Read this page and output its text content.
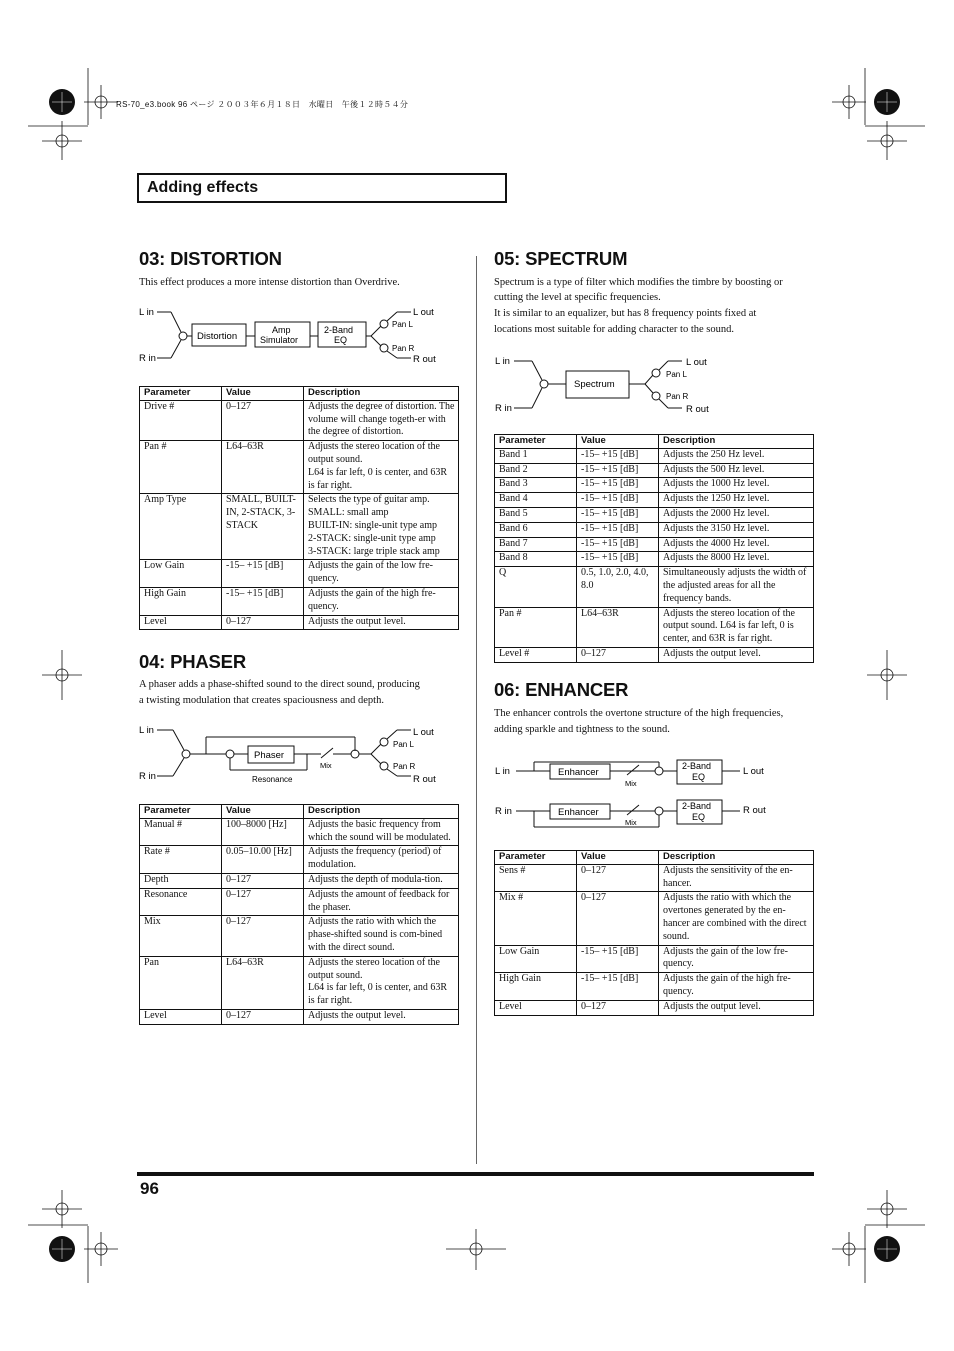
RS-70_e3.book 96 ページ ２００３年６月１８日　水曜日　午後１２時５４分
Adding effects
03: DISTORTION
This effect produces a more intense distortion than Overdrive.
L in
R in
Distortion
Amp
Simulator
2-Band
EQ
Pan L
Pan R
L out
R out
Parameter	Value	Description
Drive #	0–127	Adjusts the degree of distortion. The volume will change togeth-er with the degree of distortion.
Pan #	L64–63R	Adjusts the stereo location of the output sound.
L64 is far left, 0 is center, and 63R is far right.
Amp Type	SMALL, BUILT-IN, 2-STACK, 3-STACK	Selects the type of guitar amp.
SMALL: small amp
BUILT-IN: single-unit type amp
2-STACK: single-unit type amp
3-STACK: large triple stack amp
Low Gain	-15– +15 [dB]	Adjusts the gain of the low fre-quency.
High Gain	-15– +15 [dB]	Adjusts the gain of the high fre-quency.
Level	0–127	Adjusts the output level.
04: PHASER
A phaser adds a phase-shifted sound to the direct sound, producing
a twisting modulation that creates spaciousness and depth.
L in
R in
Phaser
Mix
Resonance
Pan L
Pan R
L out
R out
Parameter	Value	Description
Manual #	100–8000 [Hz]	Adjusts the basic frequency from which the sound will be modulated.
Rate #	0.05–10.00 [Hz]	Adjusts the frequency (period) of modulation.
Depth	0–127	Adjusts the depth of modula-tion.
Resonance	0–127	Adjusts the amount of feedback for the phaser.
Mix	0–127	Adjusts the ratio with which the phase-shifted sound is com-bined with the direct sound.
Pan	L64–63R	Adjusts the stereo location of the output sound.
L64 is far left, 0 is center, and 63R is far right.
Level	0–127	Adjusts the output level.
05: SPECTRUM
Spectrum is a type of filter which modifies the timbre by boosting or
cutting the level at specific frequencies.
It is similar to an equalizer, but has 8 frequency points fixed at
locations most suitable for adding character to the sound.
L in
R in
Spectrum
Pan L
Pan R
L out
R out
Parameter	Value	Description
Band 1	-15– +15 [dB]	Adjusts the 250 Hz level.
Band 2	-15– +15 [dB]	Adjusts the 500 Hz level.
Band 3	-15– +15 [dB]	Adjusts the 1000 Hz level.
Band 4	-15– +15 [dB]	Adjusts the 1250 Hz level.
Band 5	-15– +15 [dB]	Adjusts the 2000 Hz level.
Band 6	-15– +15 [dB]	Adjusts the 3150 Hz level.
Band 7	-15– +15 [dB]	Adjusts the 4000 Hz level.
Band 8	-15– +15 [dB]	Adjusts the 8000 Hz level.
Q	0.5, 1.0, 2.0, 4.0, 8.0	Simultaneously adjusts the width of the adjusted areas for all the frequency bands.
Pan #	L64–63R	Adjusts the stereo location of the output sound. L64 is far left, 0 is center, and 63R is far right.
Level #	0–127	Adjusts the output level.
06: ENHANCER
The enhancer controls the overtone structure of the high frequencies,
adding sparkle and tightness to the sound.
L in
R in
Enhancer
Enhancer
Mix
Mix
2-Band
EQ
2-Band
EQ
L out
R out
Parameter	Value	Description
Sens #	0–127	Adjusts the sensitivity of the en-hancer.
Mix #	0–127	Adjusts the ratio with which the overtones generated by the en-hancer are combined with the direct sound.
Low Gain	-15– +15 [dB]	Adjusts the gain of the low fre-quency.
High Gain	-15– +15 [dB]	Adjusts the gain of the high fre-quency.
Level	0–127	Adjusts the output level.
96
